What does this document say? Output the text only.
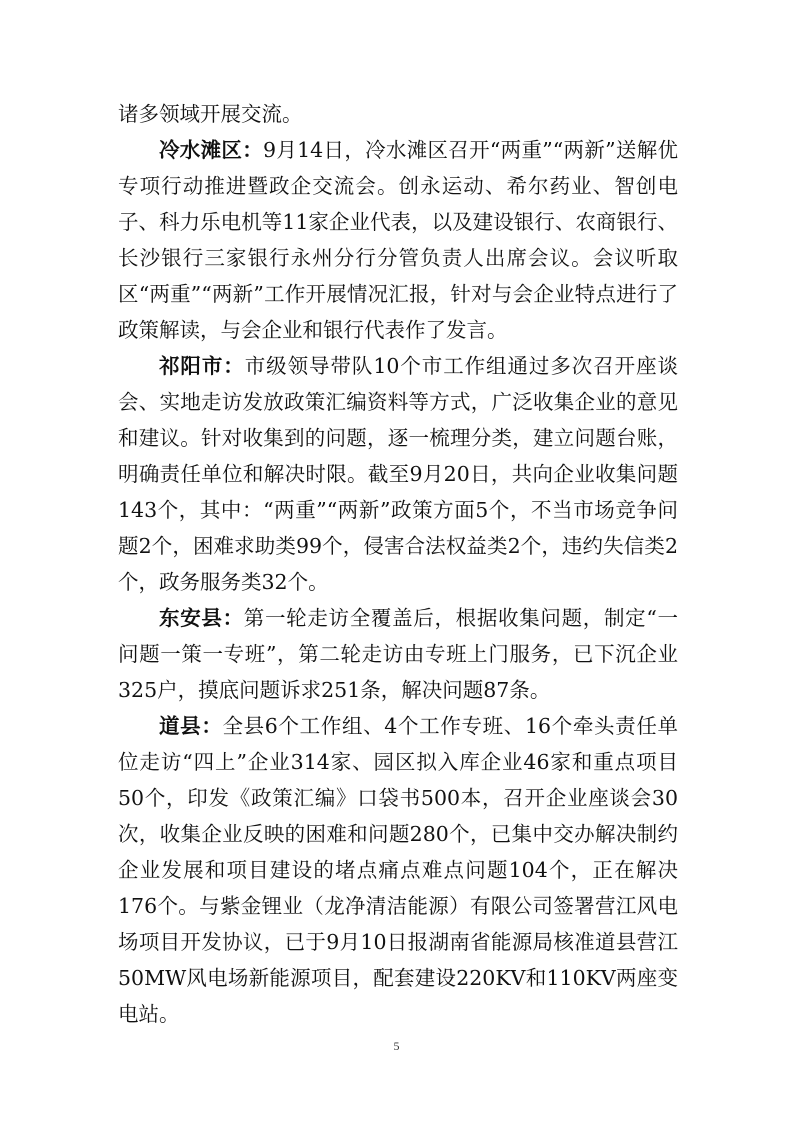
诸多领域开展交流。

冷水滩区：9月14日，冷水滩区召开“两重”“两新”送解优专项行动推进暨政企交流会。创永运动、希尔药业、智创电子、科力乐电机等11家企业代表，以及建设银行、农商银行、长沙银行三家银行永州分行分管负责人出席会议。会议听取区“两重”“两新”工作开展情况汇报，针对与会企业特点进行了政策解读，与会企业和银行代表作了发言。

祁阳市：市级领导带队10个市工作组通过多次召开座谈会、实地走访发放政策汇编资料等方式，广泛收集企业的意见和建议。针对收集到的问题，逐一梳理分类，建立问题台账，明确责任单位和解决时限。截至9月20日，共向企业收集问题143个，其中：“两重”“两新”政策方面5个，不当市场竞争问题2个，困难求助类99个，侵害合法权益类2个，违约失信类2个，政务服务类32个。

东安县：第一轮走访全覆盖后，根据收集问题，制定“一问题一策一专班”，第二轮走访由专班上门服务，已下沉企业325户，摸底问题诉求251条，解决问题87条。

道县：全县6个工作组、4个工作专班、16个牵头责任单位走访“四上”企业314家、园区拟入库企业46家和重点项目50个，印发《政策汇编》口袋书500本，召开企业座谈会30次，收集企业反映的困难和问题280个，已集中交办解决制约企业发展和项目建设的堵点痛点难点问题104个，正在解决176个。与紫金锂业（龙净清洁能源）有限公司签署营江风电场项目开发协议，已于9月10日报湖南省能源局核准道县营江50MW风电场新能源项目，配套建设220KV和110KV两座变电站。

5
